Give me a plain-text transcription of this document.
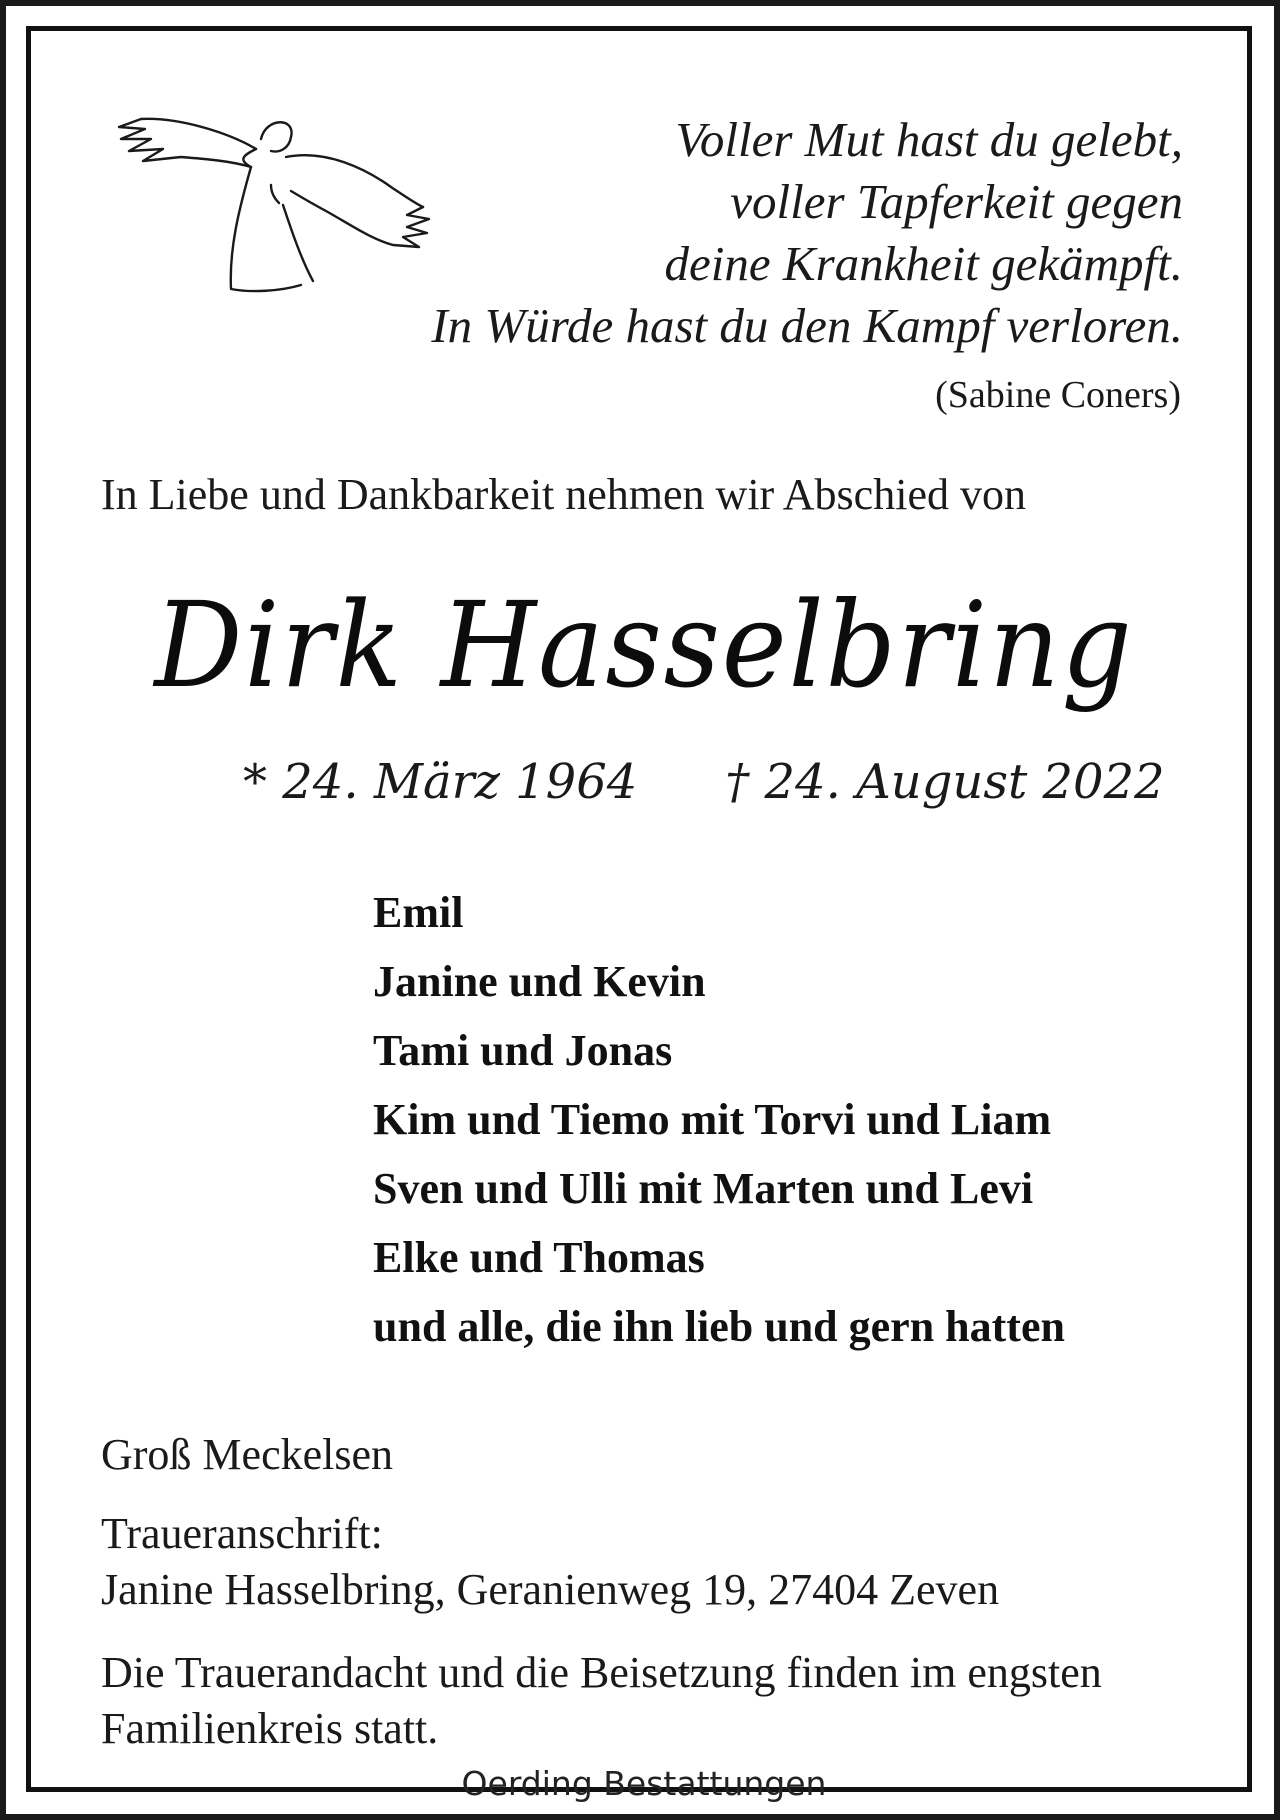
Voller Mut hast du gelebt,
voller Tapferkeit gegen
deine Krankheit gekämpft.
In Würde hast du den Kampf verloren.
(Sabine Coners)
In Liebe und Dankbarkeit nehmen wir Abschied von
Dirk Hasselbring
* 24. März 1964 † 24. August 2022
Emil
Janine und Kevin
Tami und Jonas
Kim und Tiemo mit Torvi und Liam
Sven und Ulli mit Marten und Levi
Elke und Thomas
und alle, die ihn lieb und gern hatten
Groß Meckelsen
Traueranschrift:
Janine Hasselbring, Geranienweg 19, 27404 Zeven
Die Trauerandacht und die Beisetzung finden im engsten Familienkreis statt.
Oerding Bestattungen
